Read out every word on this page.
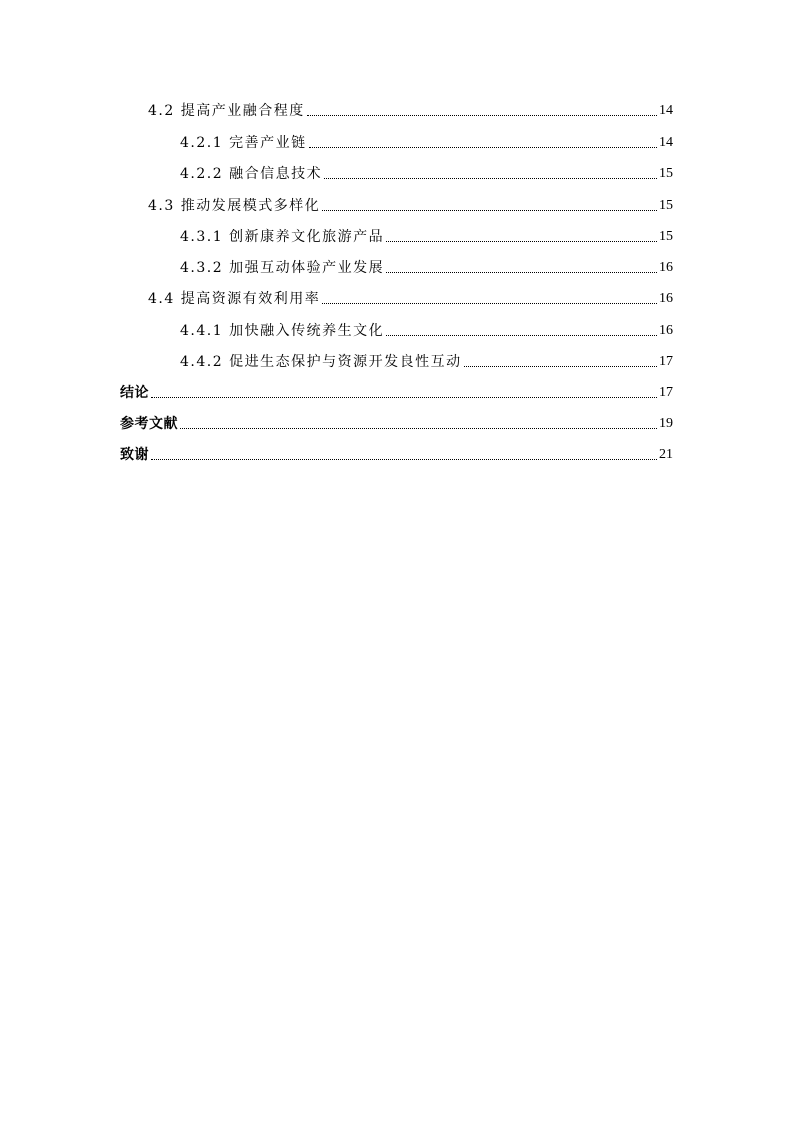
4.2 提高产业融合程度	14
4.2.1 完善产业链	14
4.2.2 融合信息技术	15
4.3 推动发展模式多样化	15
4.3.1 创新康养文化旅游产品	15
4.3.2 加强互动体验产业发展	16
4.4 提高资源有效利用率	16
4.4.1 加快融入传统养生文化	16
4.4.2 促进生态保护与资源开发良性互动	17
结论	17
参考文献	19
致谢	21
